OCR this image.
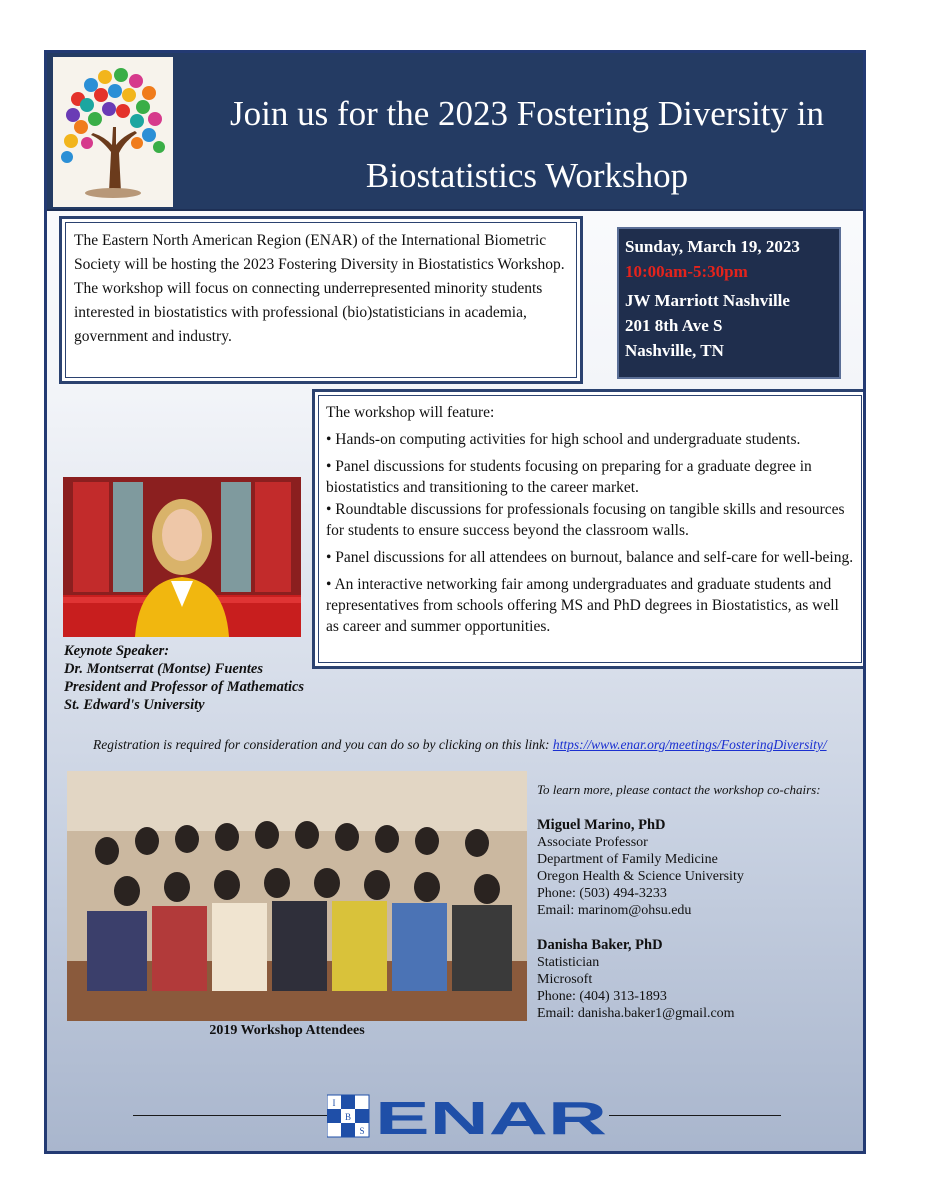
Join us for the 2023 Fostering Diversity in Biostatistics Workshop
The Eastern North American Region (ENAR) of the International Biometric Society will be hosting the 2023 Fostering Diversity in Biostatistics Workshop. The workshop will focus on connecting underrepresented minority students interested in biostatistics with professional (bio)statisticians in academia, government and industry.
Sunday, March 19, 2023
10:00am-5:30pm
JW Marriott Nashville
201 8th Ave S
Nashville, TN
The workshop will feature:
• Hands-on computing activities for high school and undergraduate students.
• Panel discussions for students focusing on preparing for a graduate degree in biostatistics and transitioning to the career market.
• Roundtable discussions for professionals focusing on tangible skills and resources for students to ensure success beyond the classroom walls.
• Panel discussions for all attendees on burnout, balance and self-care for well-being.
• An interactive networking fair among undergraduates and graduate students and representatives from schools offering MS and PhD degrees in Biostatistics, as well as career and summer opportunities.
Keynote Speaker:
Dr. Montserrat (Montse) Fuentes
President and Professor of Mathematics
St. Edward's University
Registration is required for consideration and you can do so by clicking on this link: https://www.enar.org/meetings/FosteringDiversity/
2019 Workshop Attendees
To learn more, please contact the workshop co-chairs:
Miguel Marino, PhD
Associate Professor
Department of Family Medicine
Oregon Health & Science University
Phone: (503) 494-3233
Email: marinom@ohsu.edu
Danisha Baker, PhD
Statistician
Microsoft
Phone: (404) 313-1893
Email: danisha.baker1@gmail.com
I
B
S ENAR
